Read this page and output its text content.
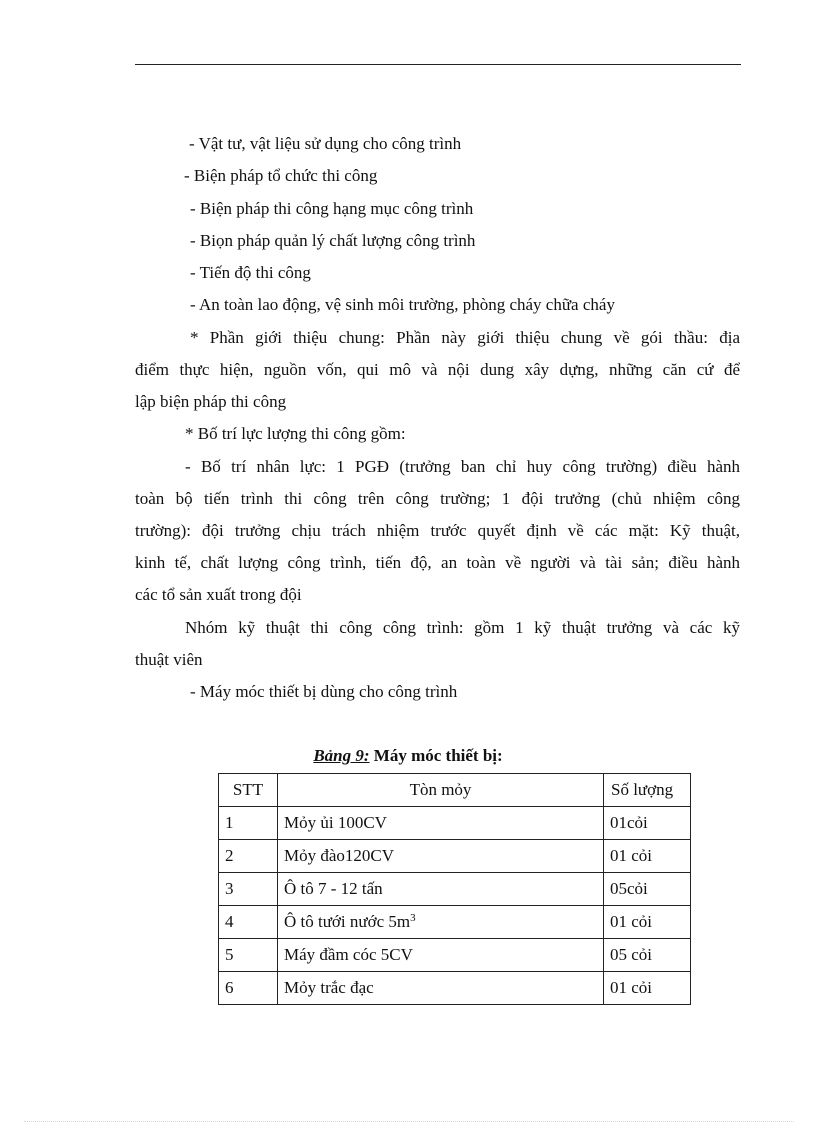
- Vật tư, vật liệu sử dụng cho công trình
- Biện pháp tổ chức thi công
- Biện pháp thi công hạng mục công trình
- Biọn pháp quản lý chất lượng công trình
- Tiến độ thi công
- An toàn lao động, vệ sinh môi trường, phòng cháy chữa cháy
* Phần giới thiệu chung: Phần này giới thiệu chung về gói thầu: địa
điểm thực hiện, nguồn vốn, qui mô và nội dung xây dựng, những căn cứ để
lập biện pháp thi công
* Bố trí lực lượng thi công gồm:
- Bố trí nhân lực: 1 PGĐ (trưởng ban chỉ huy công trường) điều hành
toàn bộ tiến trình thi công trên công trường; 1 đội trưởng (chủ nhiệm công
trường): đội trưởng chịu trách nhiệm trước quyết định về các mặt: Kỹ thuật,
kinh tế, chất lượng công trình, tiến độ, an toàn về người và tài sản; điều hành
các tổ sản xuất trong đội
Nhóm kỹ thuật thi công công trình: gồm 1 kỹ thuật trưởng và các kỹ
thuật viên
- Máy móc thiết bị dùng cho công trình
Bảng 9: Máy móc thiết bị:
STT	Tòn mỏy	Số lượng
1	Mỏy ủi 100CV	01cỏi
2	Mỏy đào120CV	01 cỏi
3	Ô tô 7 - 12 tấn	05cỏi
4	Ô tô tưới nước $5m^3$	01 cỏi
5	Máy đầm cóc 5CV	05 cỏi
6	Mỏy trắc đạc	01 cỏi
